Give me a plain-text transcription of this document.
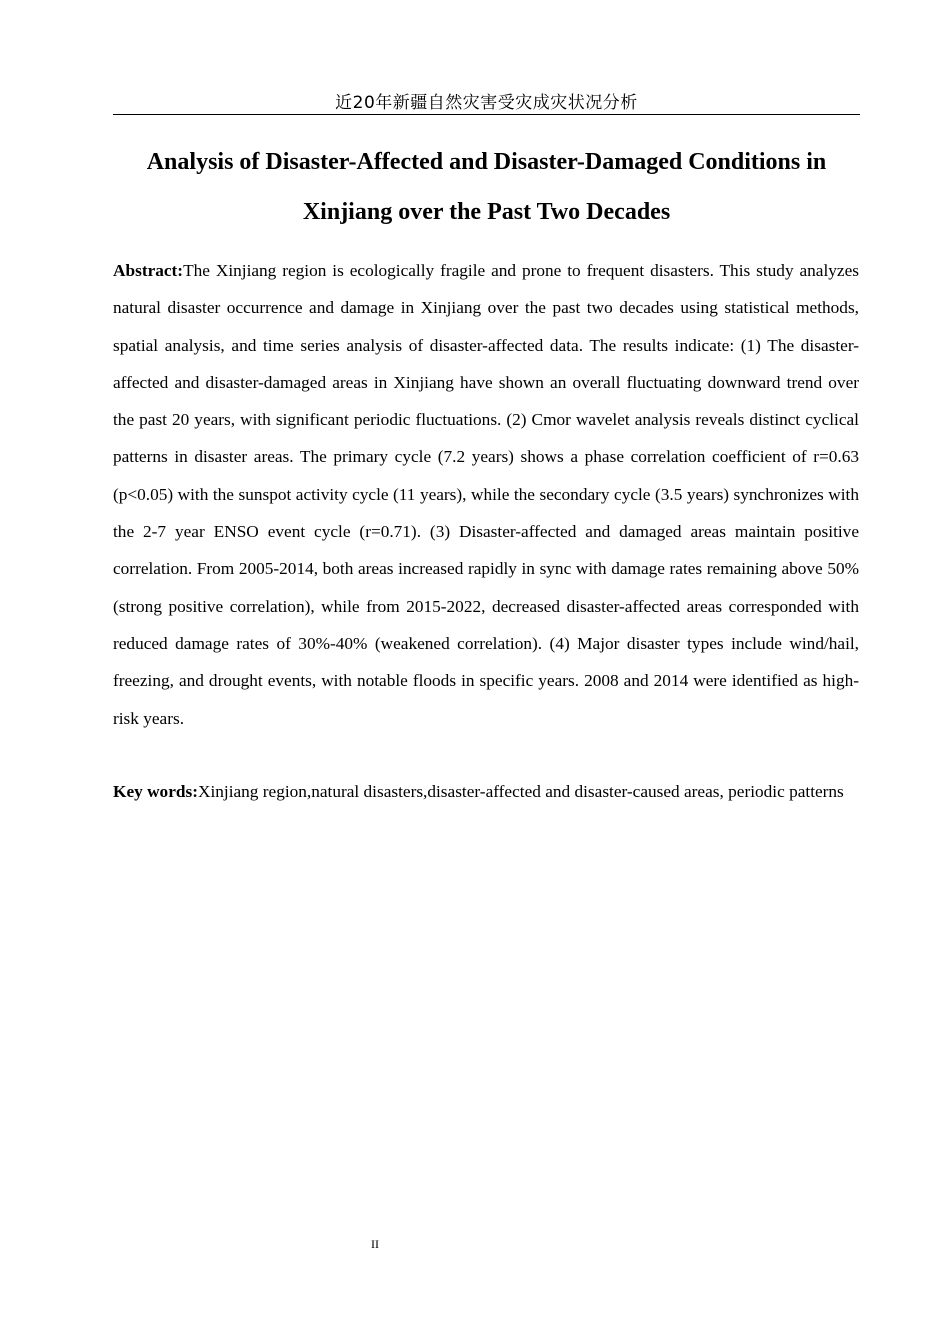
近20年新疆自然灾害受灾成灾状况分析
Analysis of Disaster-Affected and Disaster-Damaged Conditions in
Xinjiang over the Past Two Decades

Abstract:The Xinjiang region is ecologically fragile and prone to frequent disasters. This study analyzes natural disaster occurrence and damage in Xinjiang over the past two decades using statistical methods, spatial analysis, and time series analysis of disaster-affected data. The results indicate: (1) The disaster-affected and disaster-damaged areas in Xinjiang have shown an overall fluctuating downward trend over the past 20 years, with significant periodic fluctuations. (2) Cmor wavelet analysis reveals distinct cyclical patterns in disaster areas. The primary cycle (7.2 years) shows a phase correlation coefficient of r=0.63 (p<0.05) with the sunspot activity cycle (11 years), while the secondary cycle (3.5 years) synchronizes with the 2-7 year ENSO event cycle (r=0.71). (3) Disaster-affected and damaged areas maintain positive correlation. From 2005-2014, both areas increased rapidly in sync with damage rates remaining above 50% (strong positive correlation), while from 2015-2022, decreased disaster-affected areas corresponded with reduced damage rates of 30%-40% (weakened correlation). (4) Major disaster types include wind/hail, freezing, and drought events, with notable floods in specific years. 2008 and 2014 were identified as high-risk years.

Key words:Xinjiang region,natural disasters,disaster-affected and disaster-caused areas, periodic patterns

II
